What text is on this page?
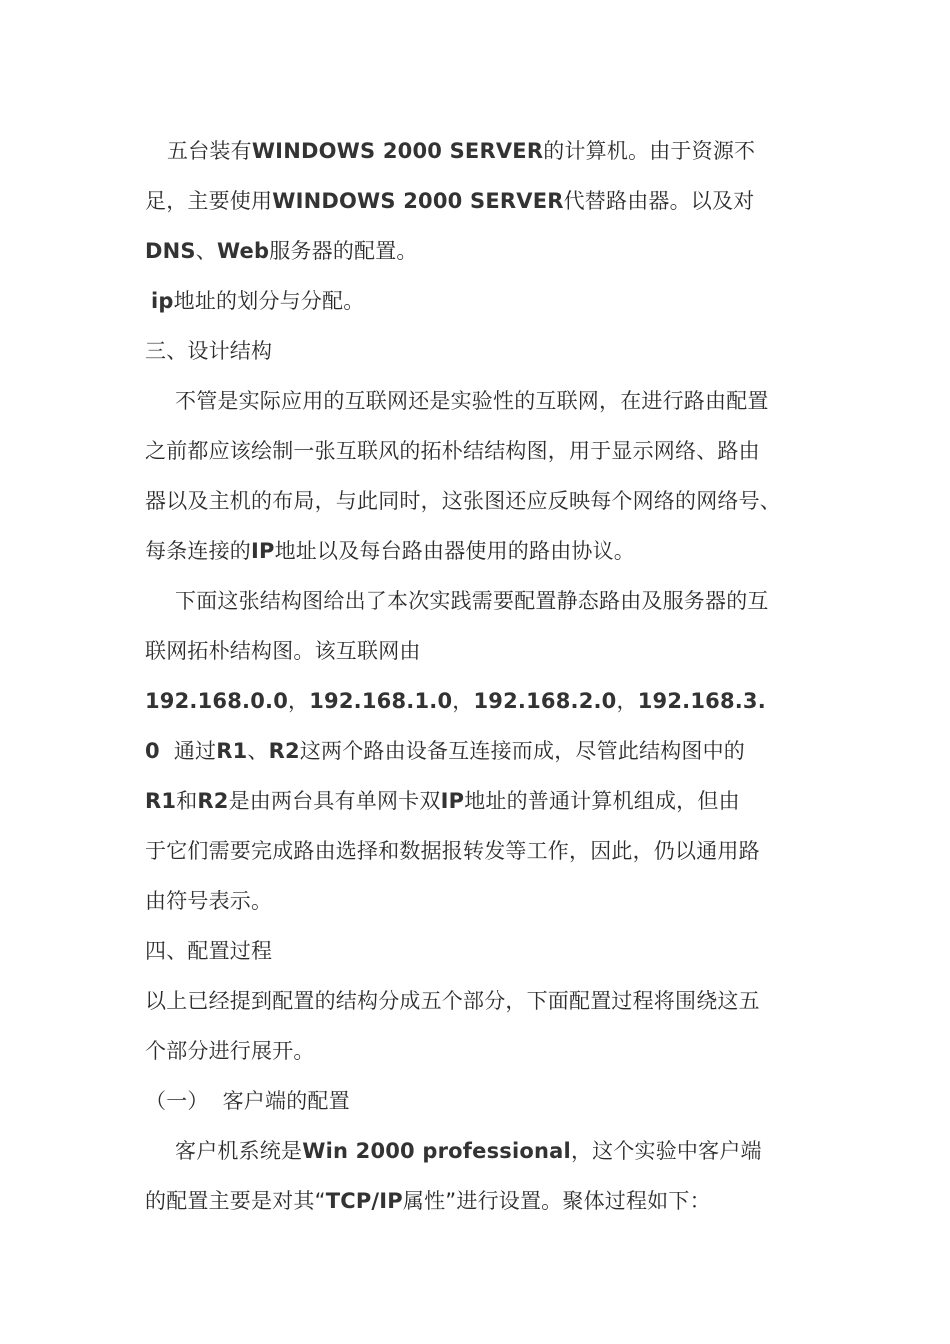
五台装有WINDOWS 2000 SERVER的计算机。由于资源不
足，主要使用WINDOWS 2000 SERVER代替路由器。以及对
DNS、Web服务器的配置。
ip地址的划分与分配。
三、设计结构
不管是实际应用的互联网还是实验性的互联网，在进行路由配置
之前都应该绘制一张互联风的拓朴结结构图，用于显示网络、路由
器以及主机的布局，与此同时，这张图还应反映每个网络的网络号、
每条连接的IP地址以及每台路由器使用的路由协议。
下面这张结构图给出了本次实践需要配置静态路由及服务器的互
联网拓朴结构图。该互联网由
192.168.0.0，192.168.1.0，192.168.2.0，192.168.3.
0 通过R1、R2这两个路由设备互连接而成，尽管此结构图中的
R1和R2是由两台具有单网卡双IP地址的普通计算机组成，但由
于它们需要完成路由选择和数据报转发等工作，因此，仍以通用路
由符号表示。
四、配置过程
以上已经提到配置的结构分成五个部分，下面配置过程将围绕这五
个部分进行展开。
（一） 客户端的配置
客户机系统是Win 2000 professional，这个实验中客户端
的配置主要是对其“TCP/IP属性”进行设置。聚体过程如下：
